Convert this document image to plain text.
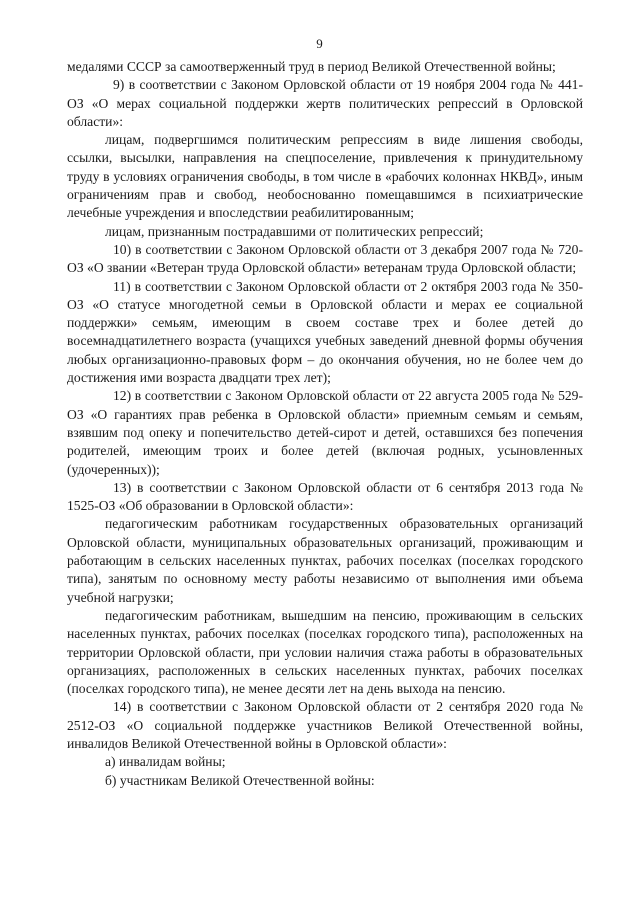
9

медалями СССР за самоотверженный труд в период Великой Отечественной войны;

9) в соответствии с Законом Орловской области от 19 ноября 2004 года № 441-ОЗ «О мерах социальной поддержки жертв политических репрессий в Орловской области»:

лицам, подвергшимся политическим репрессиям в виде лишения свободы, ссылки, высылки, направления на спецпоселение, привлечения к принудительному труду в условиях ограничения свободы, в том числе в «рабочих колоннах НКВД», иным ограничениям прав и свобод, необоснованно помещавшимся в психиатрические лечебные учреждения и впоследствии реабилитированным;

лицам, признанным пострадавшими от политических репрессий;

10) в соответствии с Законом Орловской области от 3 декабря 2007 года № 720-ОЗ «О звании «Ветеран труда Орловской области» ветеранам труда Орловской области;

11) в соответствии с Законом Орловской области от 2 октября 2003 года № 350-ОЗ «О статусе многодетной семьи в Орловской области и мерах ее социальной поддержки» семьям, имеющим в своем составе трех и более детей до восемнадцатилетнего возраста (учащихся учебных заведений дневной формы обучения любых организационно-правовых форм – до окончания обучения, но не более чем до достижения ими возраста двадцати трех лет);

12) в соответствии с Законом Орловской области от 22 августа 2005 года № 529-ОЗ «О гарантиях прав ребенка в Орловской области» приемным семьям и семьям, взявшим под опеку и попечительство детей-сирот и детей, оставшихся без попечения родителей, имеющим троих и более детей (включая родных, усыновленных (удочеренных));

13) в соответствии с Законом Орловской области от 6 сентября 2013 года № 1525-ОЗ «Об образовании в Орловской области»:

педагогическим работникам государственных образовательных организаций Орловской области, муниципальных образовательных организаций, проживающим и работающим в сельских населенных пунктах, рабочих поселках (поселках городского типа), занятым по основному месту работы независимо от выполнения ими объема учебной нагрузки;

педагогическим работникам, вышедшим на пенсию, проживающим в сельских населенных пунктах, рабочих поселках (поселках городского типа), расположенных на территории Орловской области, при условии наличия стажа работы в образовательных организациях, расположенных в сельских населенных пунктах, рабочих поселках (поселках городского типа), не менее десяти лет на день выхода на пенсию.

14) в соответствии с Законом Орловской области от 2 сентября 2020 года № 2512-ОЗ «О социальной поддержке участников Великой Отечественной войны, инвалидов Великой Отечественной войны в Орловской области»:

а) инвалидам войны;

б) участникам Великой Отечественной войны:
